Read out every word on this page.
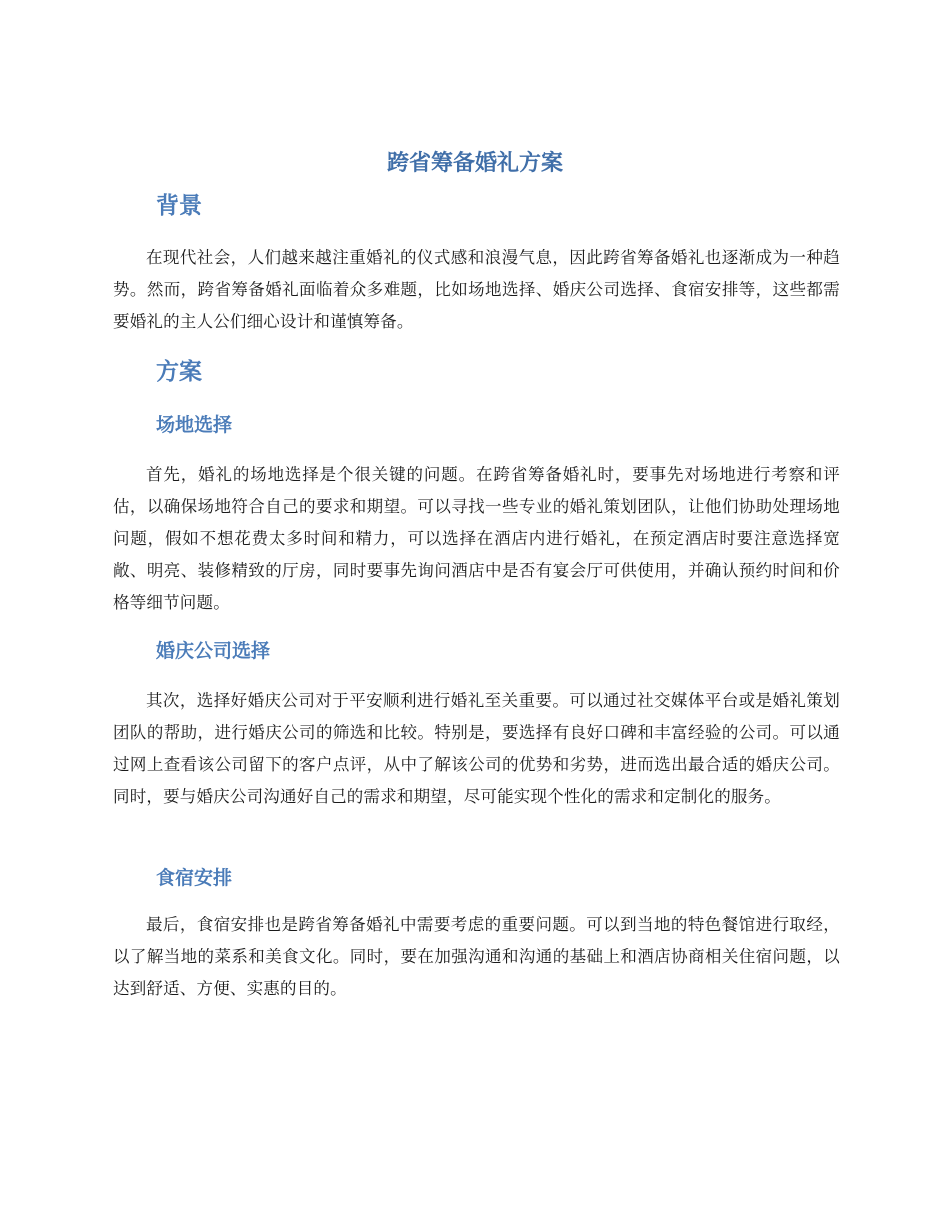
跨省筹备婚礼方案
背景

在现代社会，人们越来越注重婚礼的仪式感和浪漫气息，因此跨省筹备婚礼也逐渐成为一种趋势。然而，跨省筹备婚礼面临着众多难题，比如场地选择、婚庆公司选择、食宿安排等，这些都需要婚礼的主人公们细心设计和谨慎筹备。

方案
场地选择

首先，婚礼的场地选择是个很关键的问题。在跨省筹备婚礼时，要事先对场地进行考察和评估，以确保场地符合自己的要求和期望。可以寻找一些专业的婚礼策划团队，让他们协助处理场地问题，假如不想花费太多时间和精力，可以选择在酒店内进行婚礼，在预定酒店时要注意选择宽敞、明亮、装修精致的厅房，同时要事先询问酒店中是否有宴会厅可供使用，并确认预约时间和价格等细节问题。

婚庆公司选择

其次，选择好婚庆公司对于平安顺利进行婚礼至关重要。可以通过社交媒体平台或是婚礼策划团队的帮助，进行婚庆公司的筛选和比较。特别是，要选择有良好口碑和丰富经验的公司。可以通过网上查看该公司留下的客户点评，从中了解该公司的优势和劣势，进而选出最合适的婚庆公司。同时，要与婚庆公司沟通好自己的需求和期望，尽可能实现个性化的需求和定制化的服务。

食宿安排

最后，食宿安排也是跨省筹备婚礼中需要考虑的重要问题。可以到当地的特色餐馆进行取经，以了解当地的菜系和美食文化。同时，要在加强沟通和沟通的基础上和酒店协商相关住宿问题，以达到舒适、方便、实惠的目的。
